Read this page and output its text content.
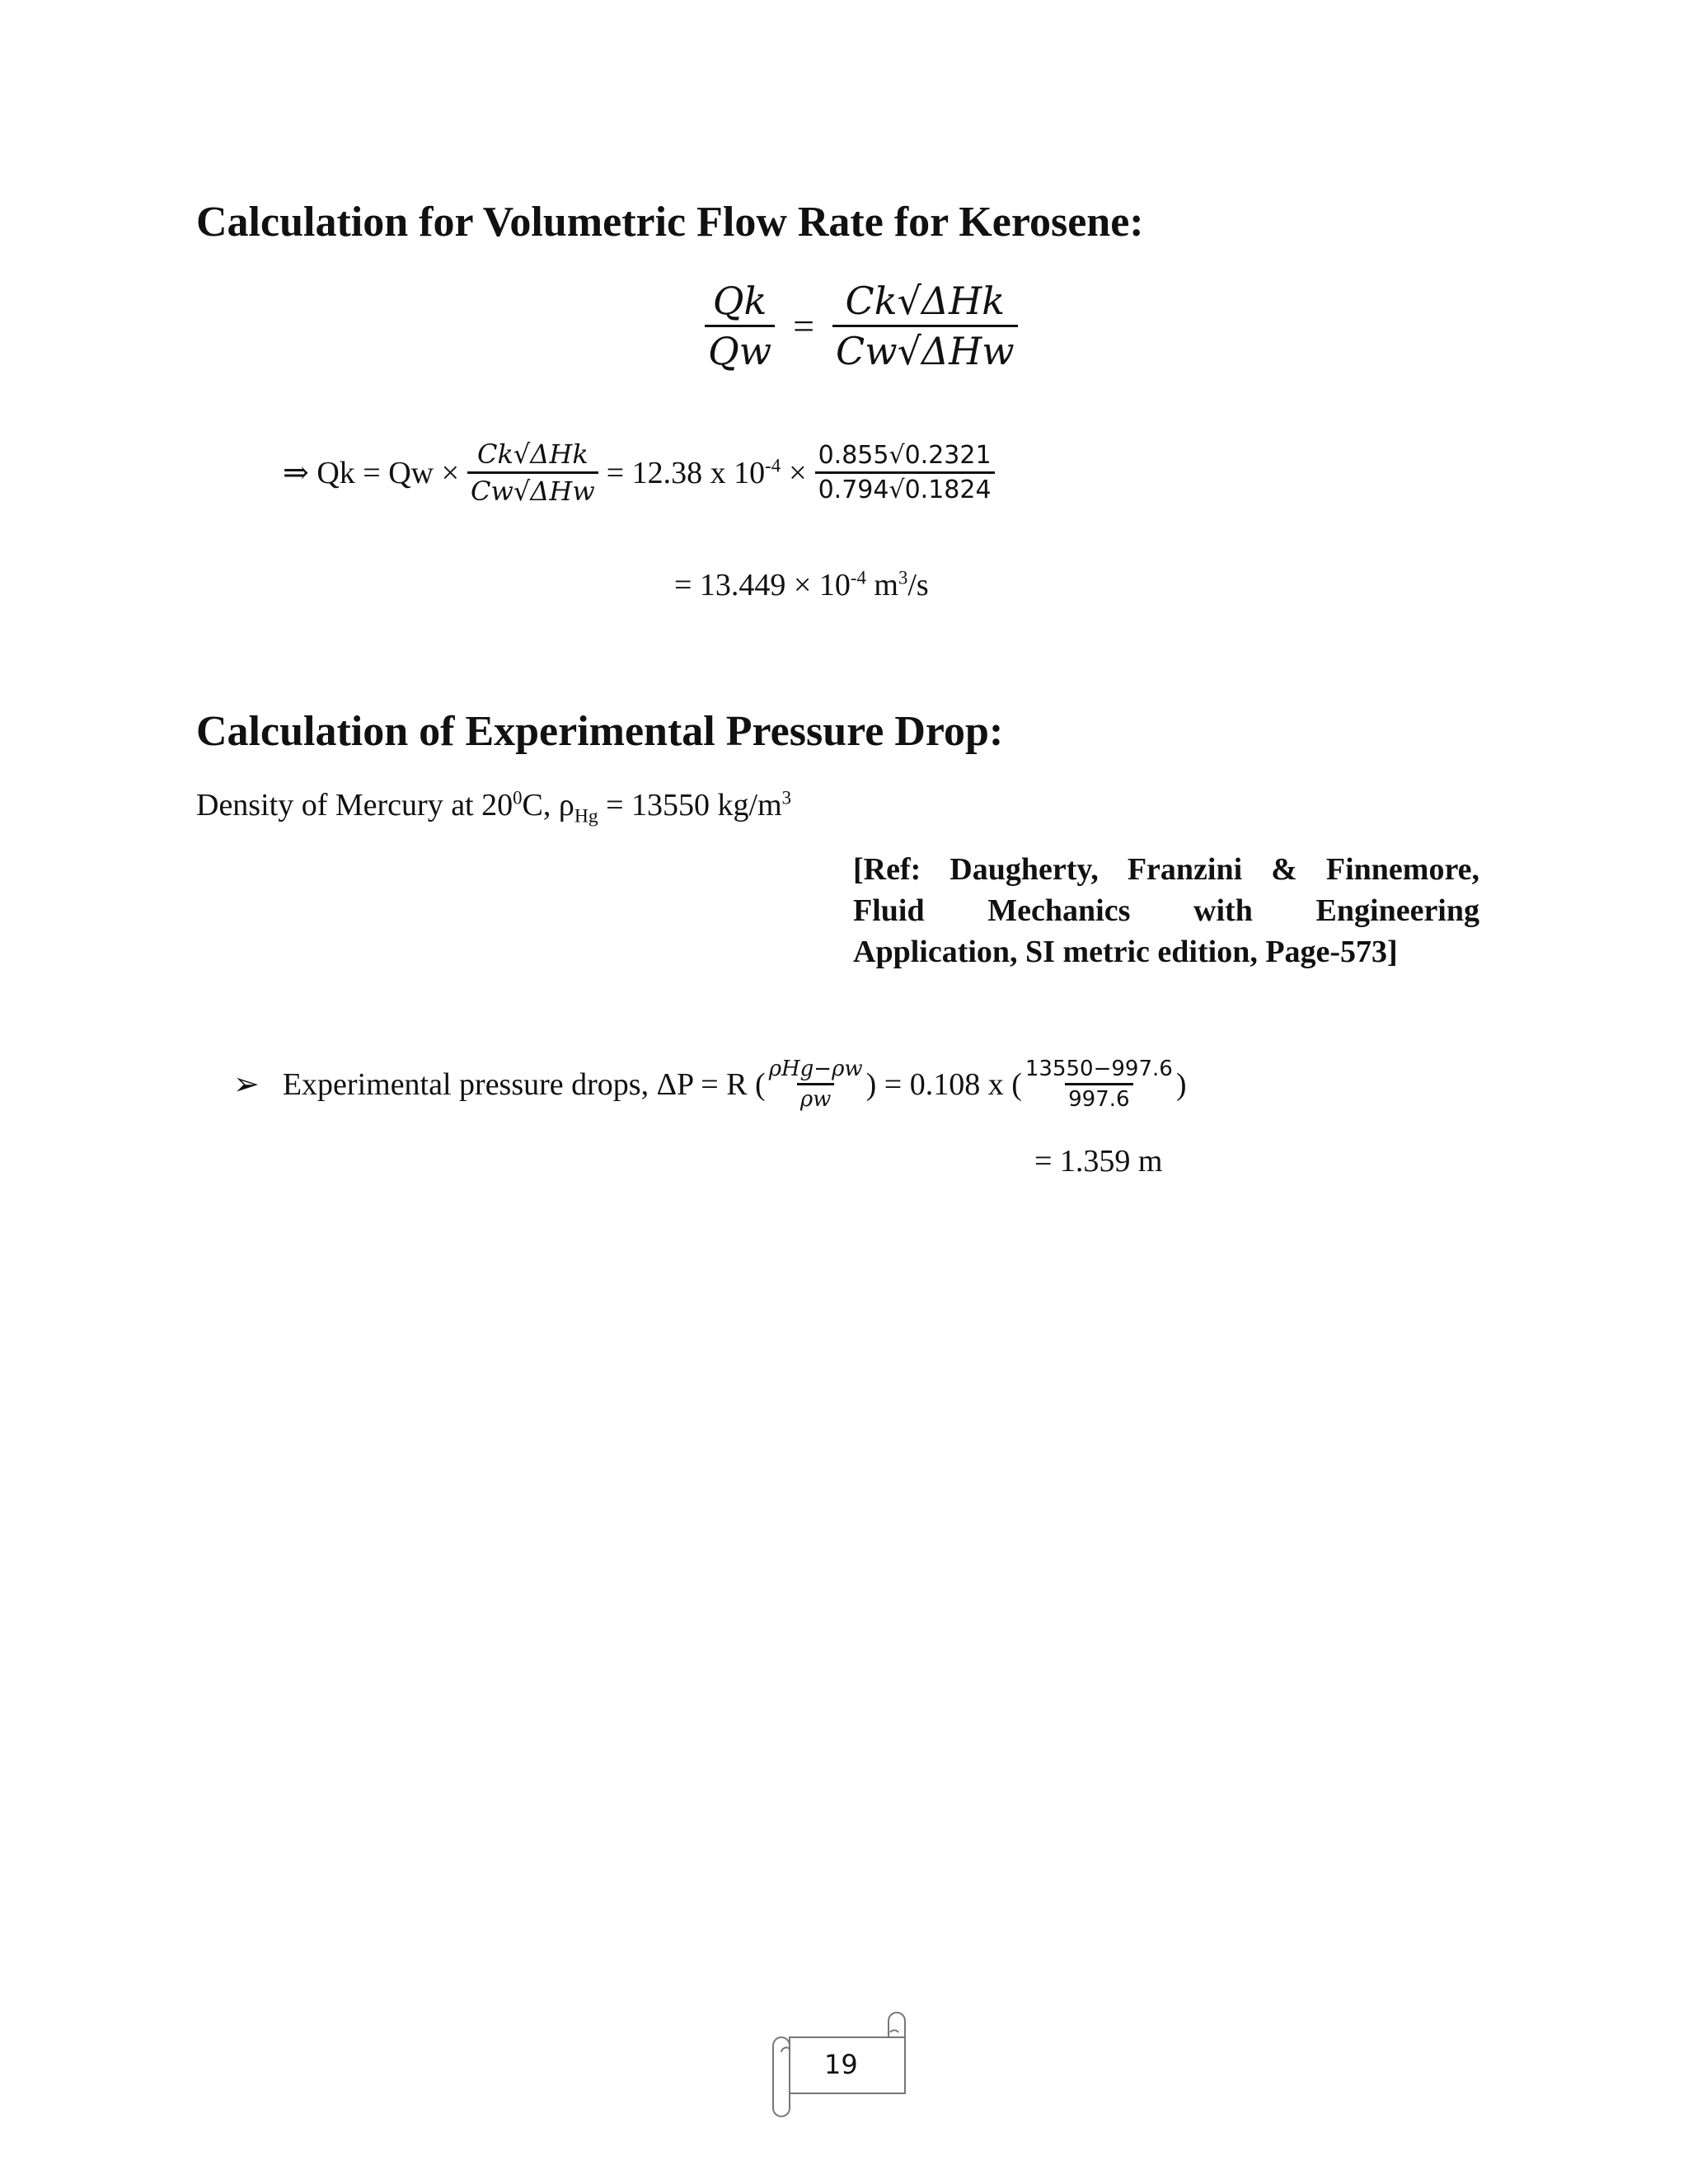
Calculation for Volumetric Flow Rate for Kerosene:
$\frac{Qk}{Qw} = \frac{\text{Ck√ΔHk}}{\text{Cw√ΔHw}}$
⇒ $Qk = Qw \times \frac{\text{Ck√ΔHk}}{\text{Cw√ΔHw}} = 12.38$ x $10^{-4} \times \frac{0.855√0.2321}{0.794√0.1824}$
= $13.449 \times 10^{-4}$ $m^3/s$
Calculation of Experimental Pressure Drop:
Density of Mercury at $20^0C$, $\rho_{Hg} = 13550$ $kg/m^3$
[Ref: Daugherty, Franzini & Finnemore,
Fluid Mechanics with Engineering
Application, SI metric edition, Page-573]
➢ Experimental pressure drops, ΔP = R ( $\frac{\text{ρHg−ρw}}{\rho w}$ ) = 0.108 x ( $\frac{13550-997.6}{997.6}$ )
= 1.359 m
19
